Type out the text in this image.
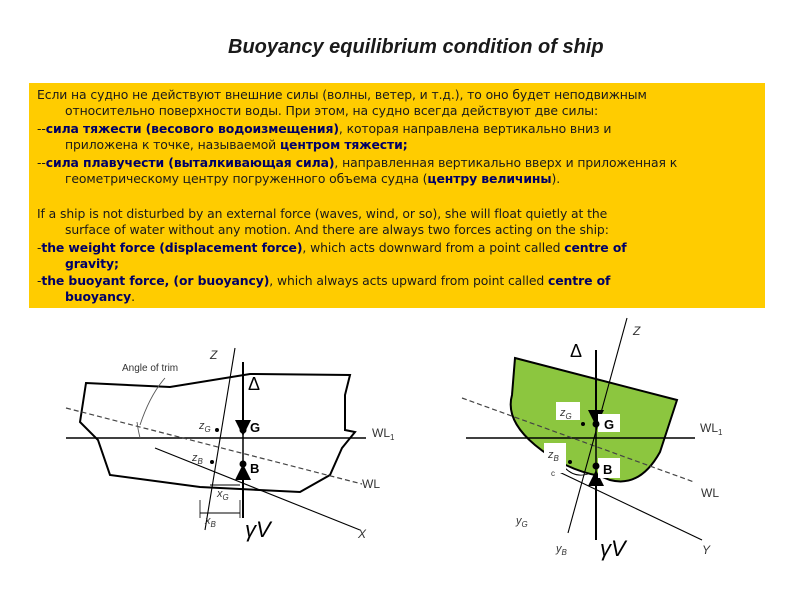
Buoyancy equilibrium condition of ship
Если на судно не действуют внешние силы (волны, ветер, и т.д.), то оно будет неподвижным
относительно поверхности воды. При этом, на судно всегда действуют две силы:
--сила тяжести (весового водоизмещения), которая направлена вертикально вниз и
приложена к точке, называемой центром тяжести;
--сила плавучести (выталкивающая сила), направленная вертикально вверх и приложенная к
геометрическому центру погруженного объема судна (центру величины).
If a ship is not disturbed by an external force (waves, wind, or so), she will float quietly at the
surface of water without any motion. And there are always two forces acting on the ship:
-the weight force (displacement force), which acts downward from a point called centre of
gravity;
-the buoyant force, (or buoyancy), which always acts upward from point called centre of
buoyancy.
Angle of trim
Z
Δ
$z_G$	G	$WL_1$
$z_B$	B
WL
$x_G$
$x_B$ γV	X
Z
Δ
$z_G$
G	$WL_1$
$z_B$
c	B
WL
$y_G$
$y_B$ γV	Y
